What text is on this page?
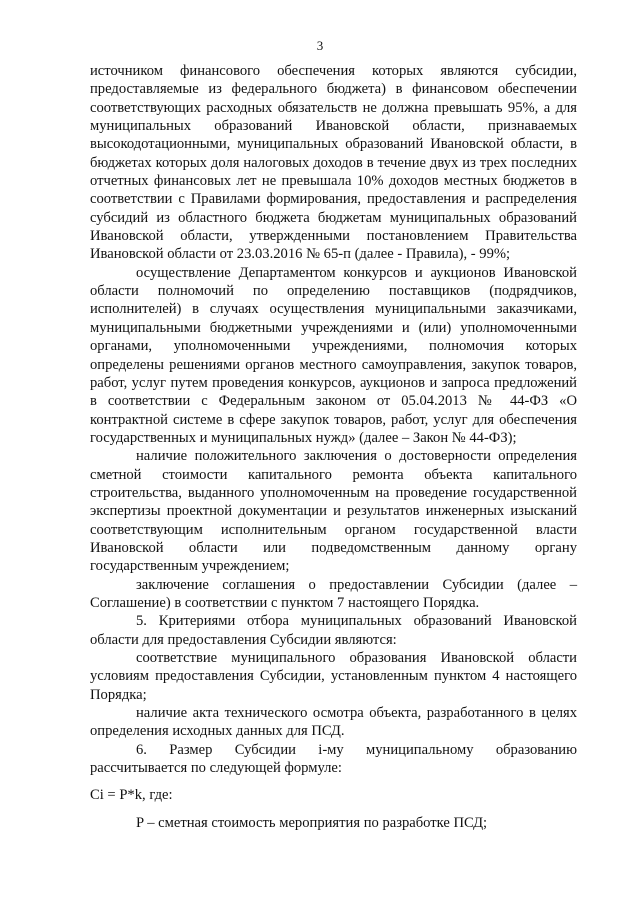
3

источником финансового обеспечения которых являются субсидии, предоставляемые из федерального бюджета) в финансовом обеспечении соответствующих расходных обязательств не должна превышать 95%, а для муниципальных образований Ивановской области, признаваемых высокодотационными, муниципальных образований Ивановской области, в бюджетах которых доля налоговых доходов в течение двух из трех последних отчетных финансовых лет не превышала 10% доходов местных бюджетов в соответствии с Правилами формирования, предоставления и распределения субсидий из областного бюджета бюджетам муниципальных образований Ивановской области, утвержденными постановлением Правительства Ивановской области от 23.03.2016 № 65-п (далее - Правила), - 99%;

осуществление Департаментом конкурсов и аукционов Ивановской области полномочий по определению поставщиков (подрядчиков, исполнителей) в случаях осуществления муниципальными заказчиками, муниципальными бюджетными учреждениями и (или) уполномоченными органами, уполномоченными учреждениями, полномочия которых определены решениями органов местного самоуправления, закупок товаров, работ, услуг путем проведения конкурсов, аукционов и запроса предложений в соответствии с Федеральным законом от 05.04.2013 № 44-ФЗ «О контрактной системе в сфере закупок товаров, работ, услуг для обеспечения государственных и муниципальных нужд» (далее – Закон № 44-ФЗ);

наличие положительного заключения о достоверности определения сметной стоимости капитального ремонта объекта капитального строительства, выданного уполномоченным на проведение государственной экспертизы проектной документации и результатов инженерных изысканий соответствующим исполнительным органом государственной власти Ивановской области или подведомственным данному органу государственным учреждением;

заключение соглашения о предоставлении Субсидии (далее – Соглашение) в соответствии с пунктом 7 настоящего Порядка.

5. Критериями отбора муниципальных образований Ивановской области для предоставления Субсидии являются:

соответствие муниципального образования Ивановской области условиям предоставления Субсидии, установленным пунктом 4 настоящего Порядка;

наличие акта технического осмотра объекта, разработанного в целях определения исходных данных для ПСД.

6. Размер Субсидии i-му муниципальному образованию рассчитывается по следующей формуле:

Ci = P*k, где:

P – сметная стоимость мероприятия по разработке ПСД;
